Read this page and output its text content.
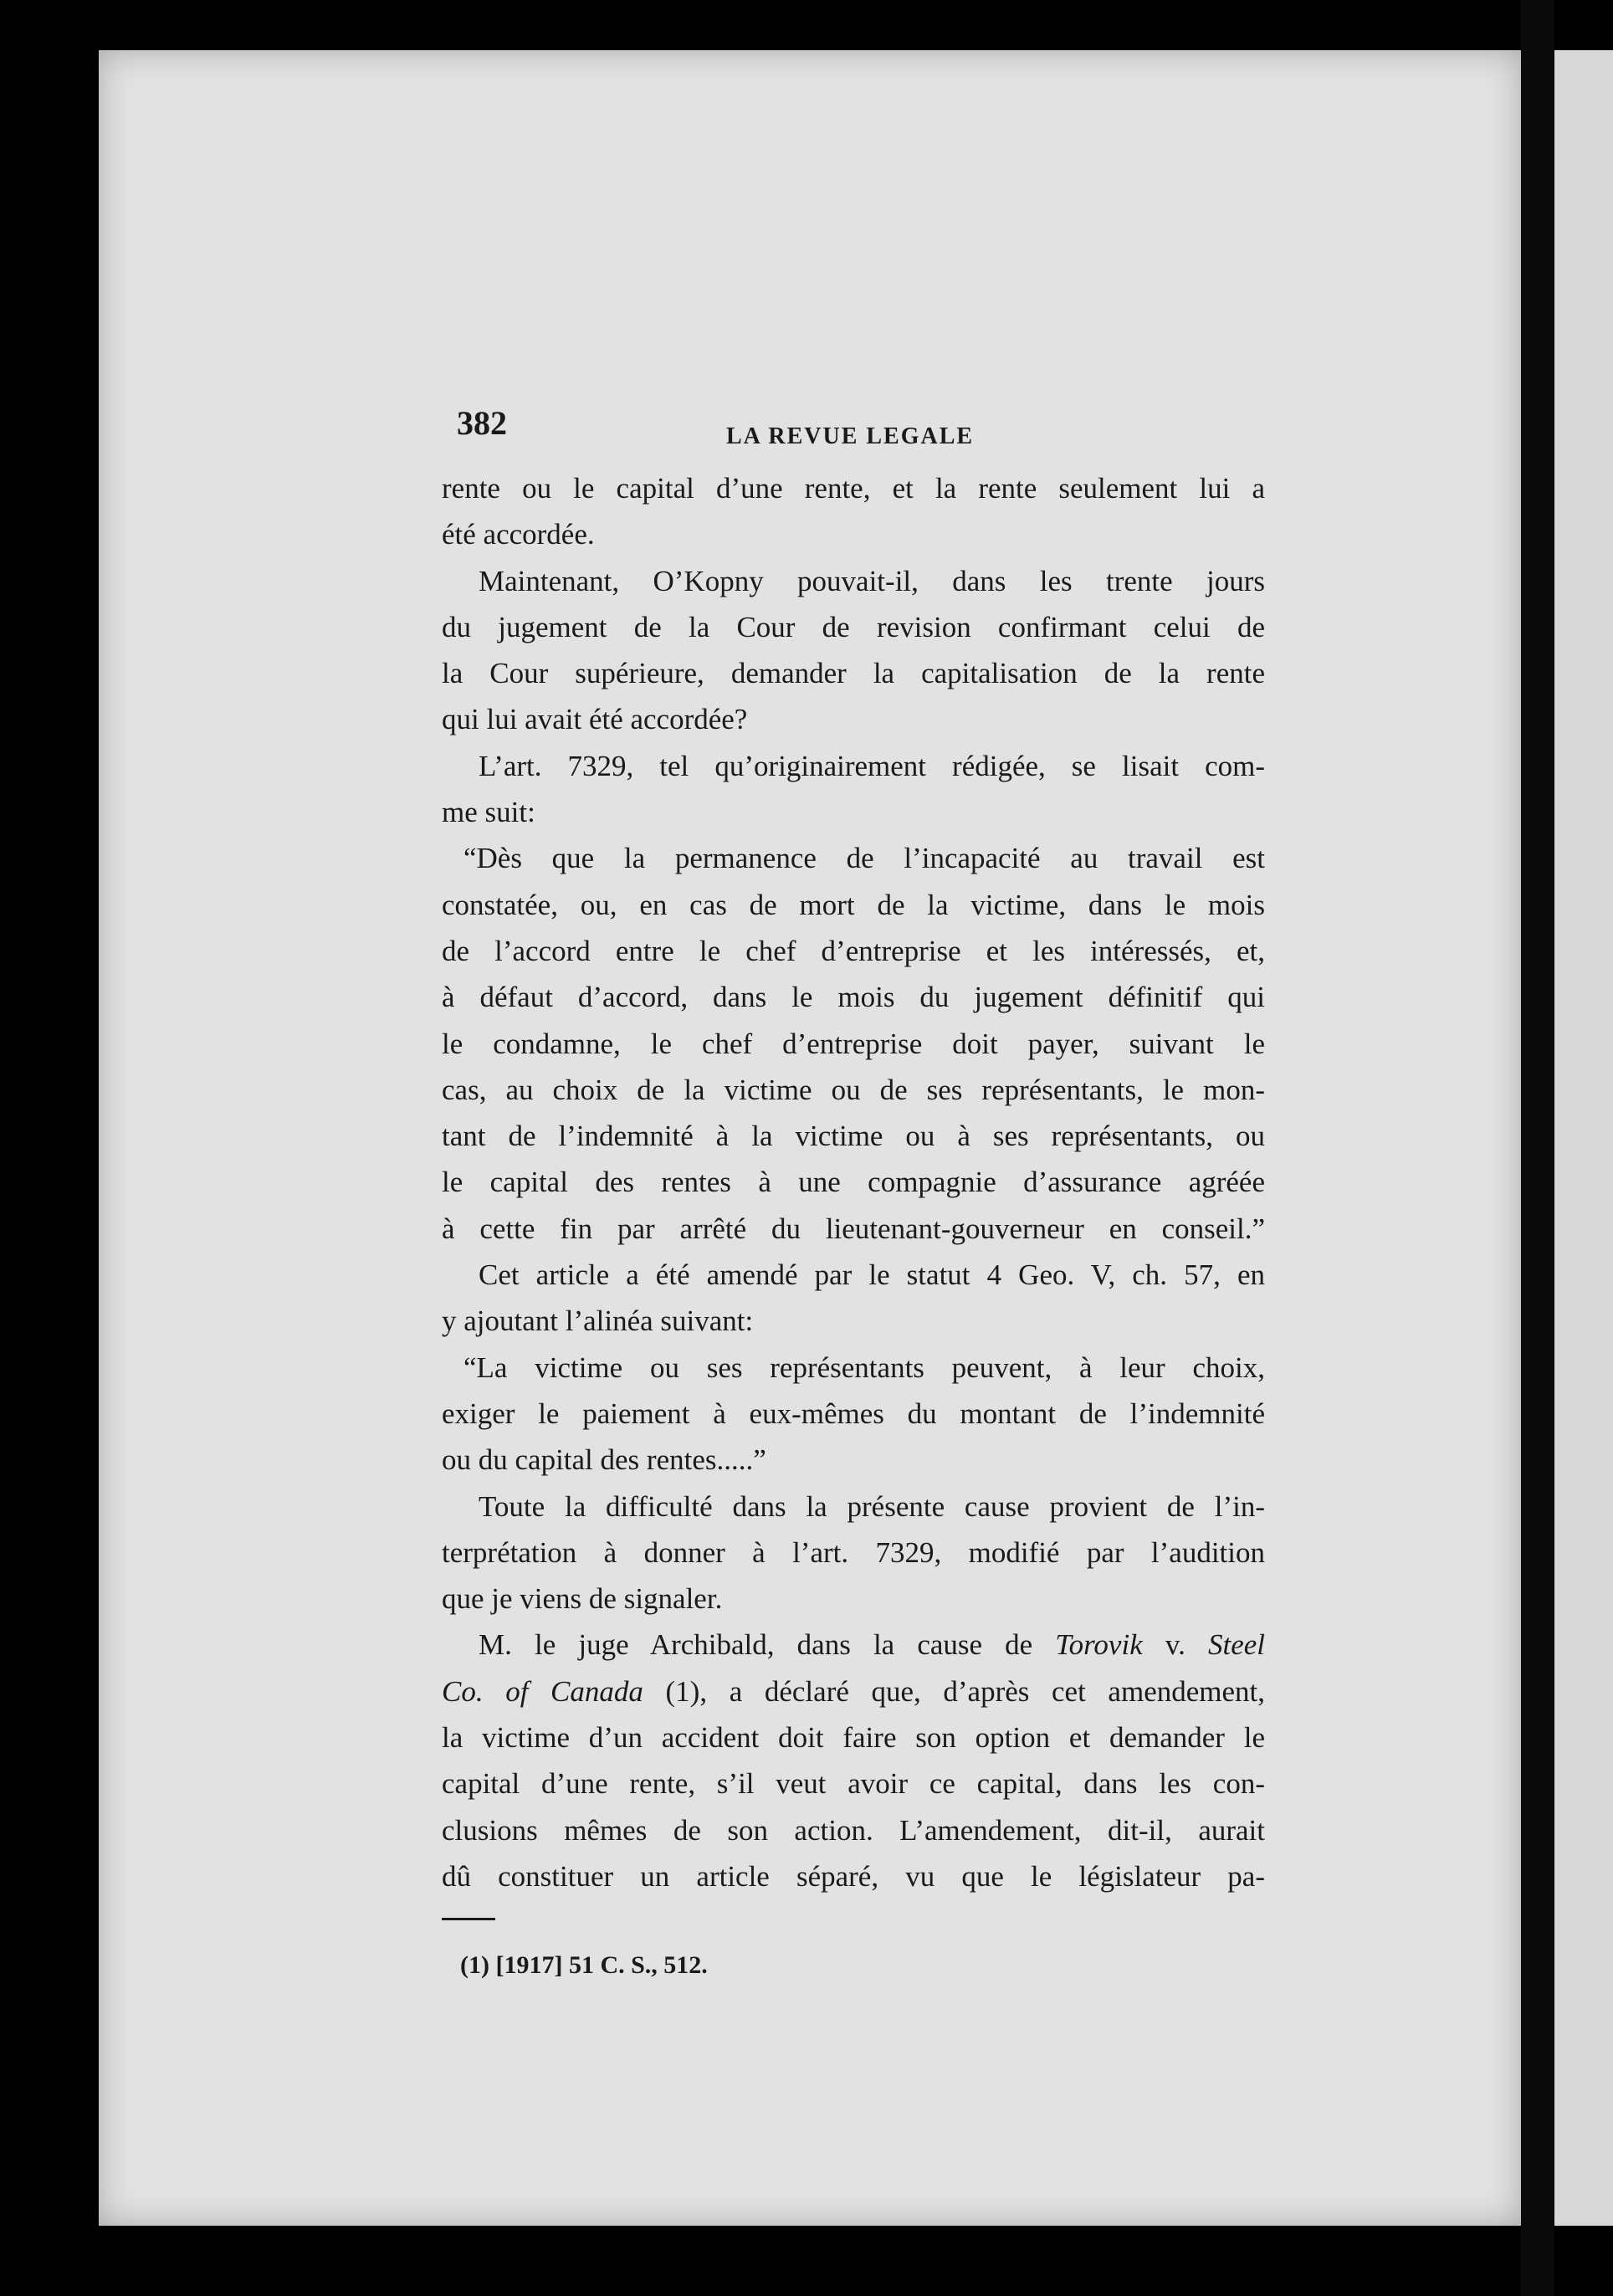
382	LA REVUE LEGALE

rente ou le capital d’une rente, et la rente seulement lui a

été accordée.

Maintenant, O’Kopny pouvait-il, dans les trente jours

du jugement de la Cour de revision confirmant celui de

la Cour supérieure, demander la capitalisation de la rente

qui lui avait été accordée?

L’art. 7329, tel qu’originairement rédigée, se lisait com-

me suit:

“Dès que la permanence de l’incapacité au travail est

constatée, ou, en cas de mort de la victime, dans le mois

de l’accord entre le chef d’entreprise et les intéressés, et,

à défaut d’accord, dans le mois du jugement définitif qui

le condamne, le chef d’entreprise doit payer, suivant le

cas, au choix de la victime ou de ses représentants, le mon-

tant de l’indemnité à la victime ou à ses représentants, ou

le capital des rentes à une compagnie d’assurance agréée

à cette fin par arrêté du lieutenant-gouverneur en conseil.”

Cet article a été amendé par le statut 4 Geo. V, ch. 57, en

y ajoutant l’alinéa suivant:

“La victime ou ses représentants peuvent, à leur choix,

exiger le paiement à eux-mêmes du montant de l’indemnité

ou du capital des rentes.....”

Toute la difficulté dans la présente cause provient de l’in-

terprétation à donner à l’art. 7329, modifié par l’audition

que je viens de signaler.

M. le juge Archibald, dans la cause de Torovik v. Steel

Co. of Canada (1), a déclaré que, d’après cet amendement,

la victime d’un accident doit faire son option et demander le

capital d’une rente, s’il veut avoir ce capital, dans les con-

clusions mêmes de son action. L’amendement, dit-il, aurait

dû constituer un article séparé, vu que le législateur pa-

(1) [1917] 51 C. S., 512.
